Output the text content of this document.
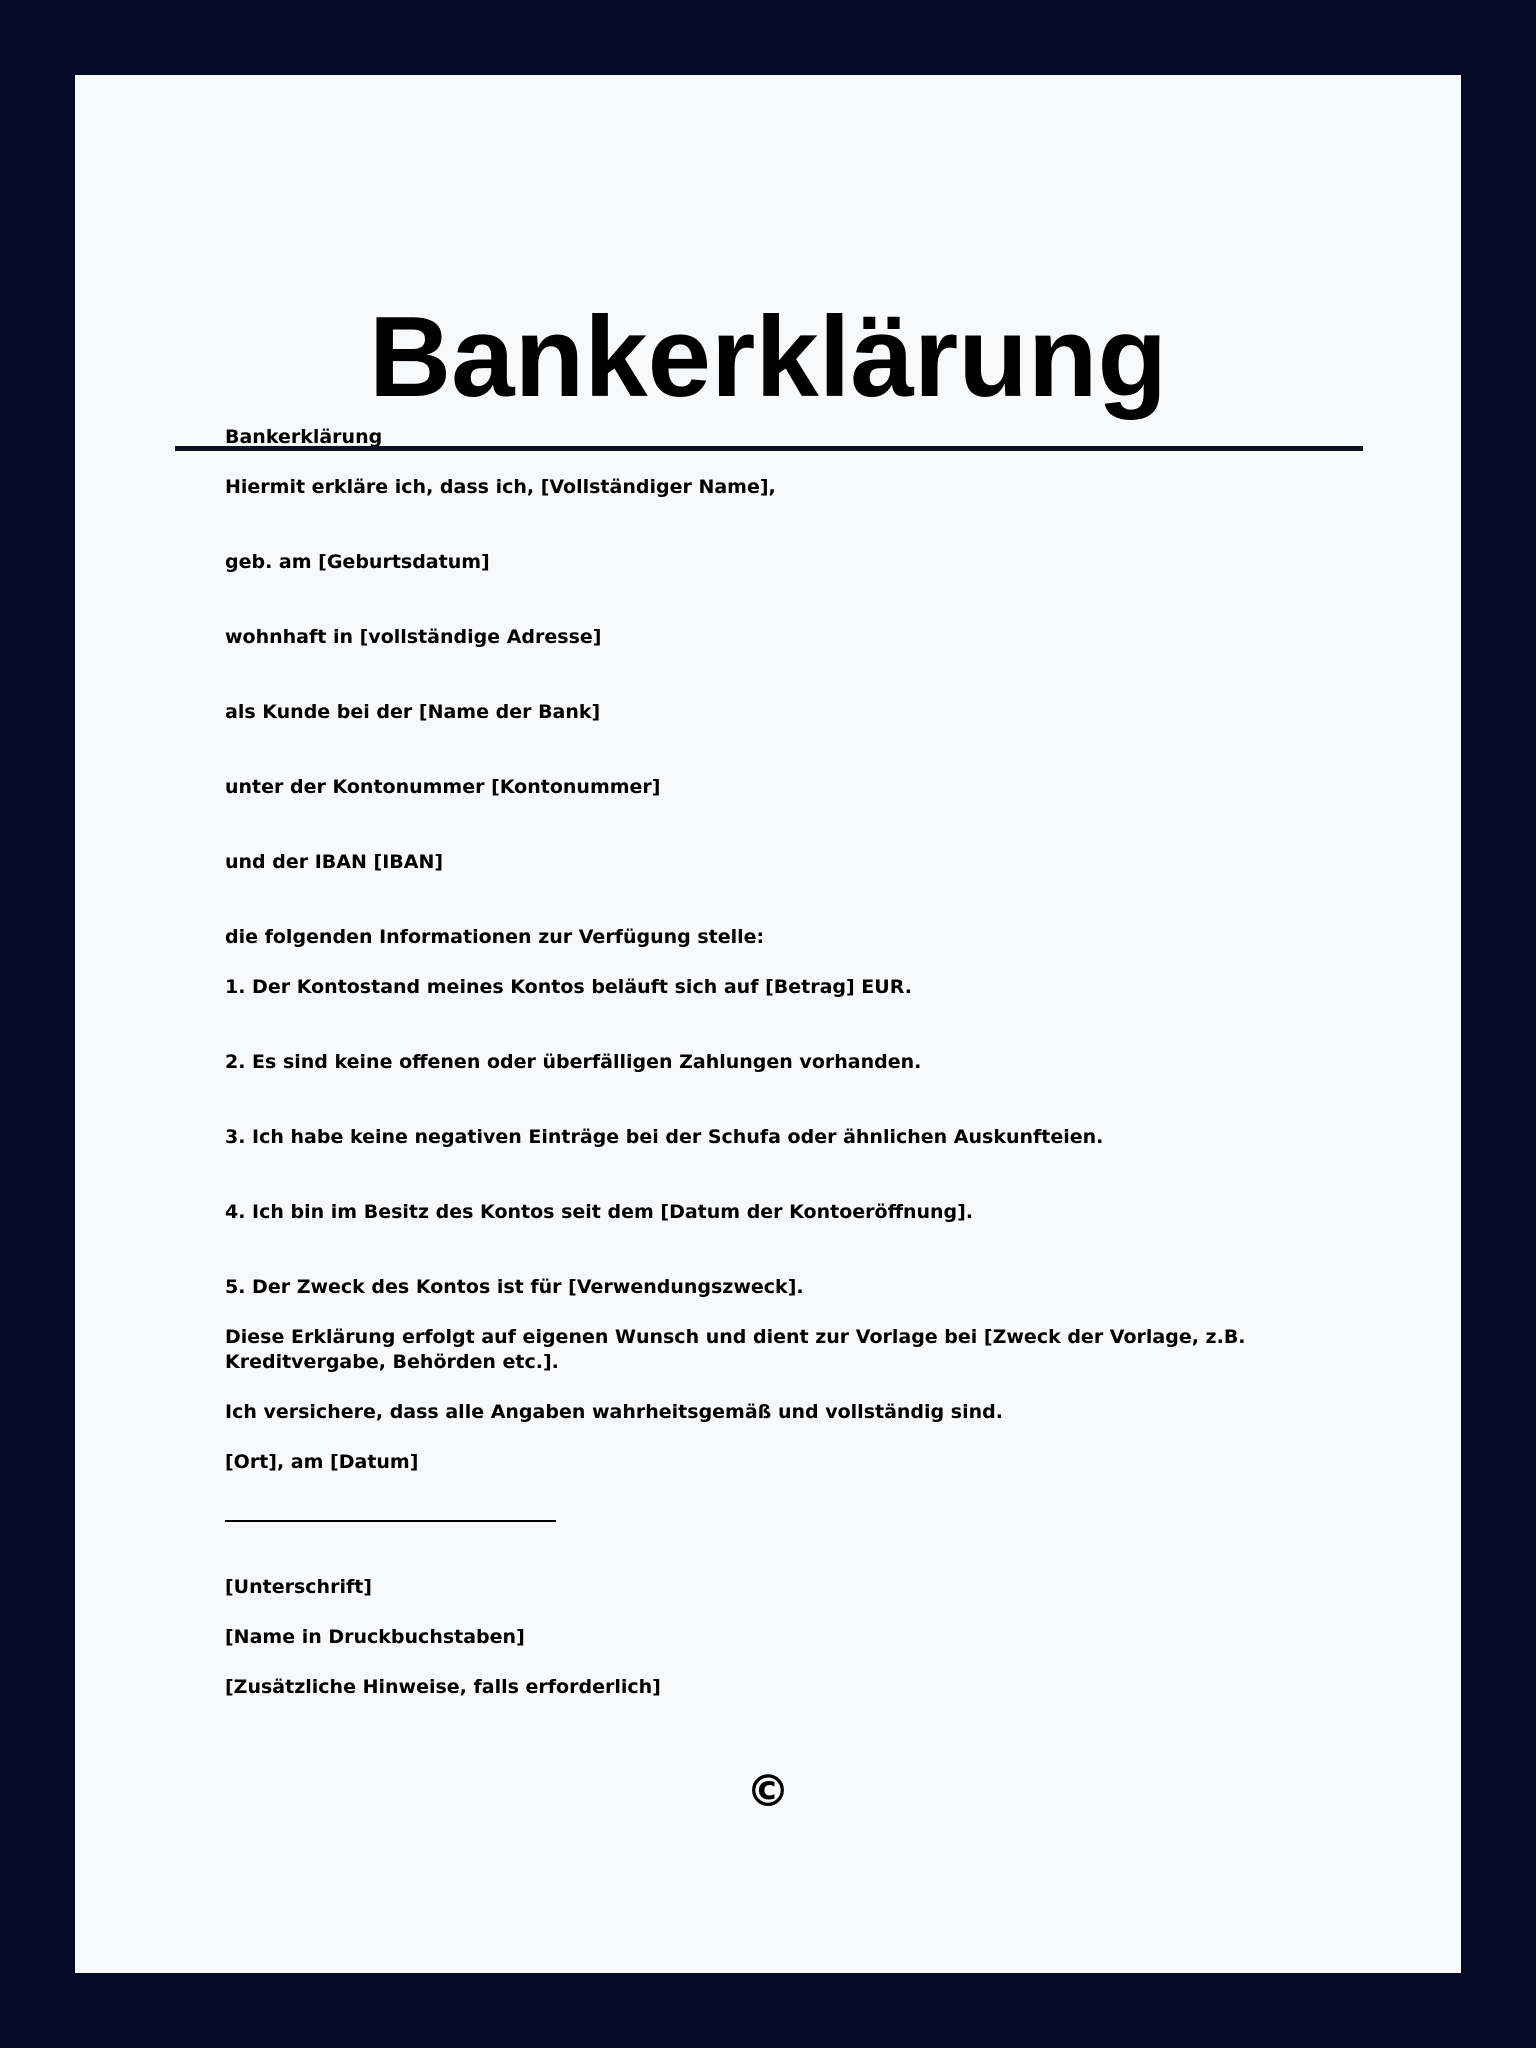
Bankerklärung

Bankerklärung

Hiermit erkläre ich, dass ich, [Vollständiger Name],

geb. am [Geburtsdatum]

wohnhaft in [vollständige Adresse]

als Kunde bei der [Name der Bank]

unter der Kontonummer [Kontonummer]

und der IBAN [IBAN]

die folgenden Informationen zur Verfügung stelle:

1. Der Kontostand meines Kontos beläuft sich auf [Betrag] EUR.

2. Es sind keine offenen oder überfälligen Zahlungen vorhanden.

3. Ich habe keine negativen Einträge bei der Schufa oder ähnlichen Auskunfteien.

4. Ich bin im Besitz des Kontos seit dem [Datum der Kontoeröffnung].

5. Der Zweck des Kontos ist für [Verwendungszweck].

Diese Erklärung erfolgt auf eigenen Wunsch und dient zur Vorlage bei [Zweck der Vorlage, z.B. Kreditvergabe, Behörden etc.].

Ich versichere, dass alle Angaben wahrheitsgemäß und vollständig sind.

[Ort], am [Datum]

[Unterschrift]

[Name in Druckbuchstaben]

[Zusätzliche Hinweise, falls erforderlich]

©
